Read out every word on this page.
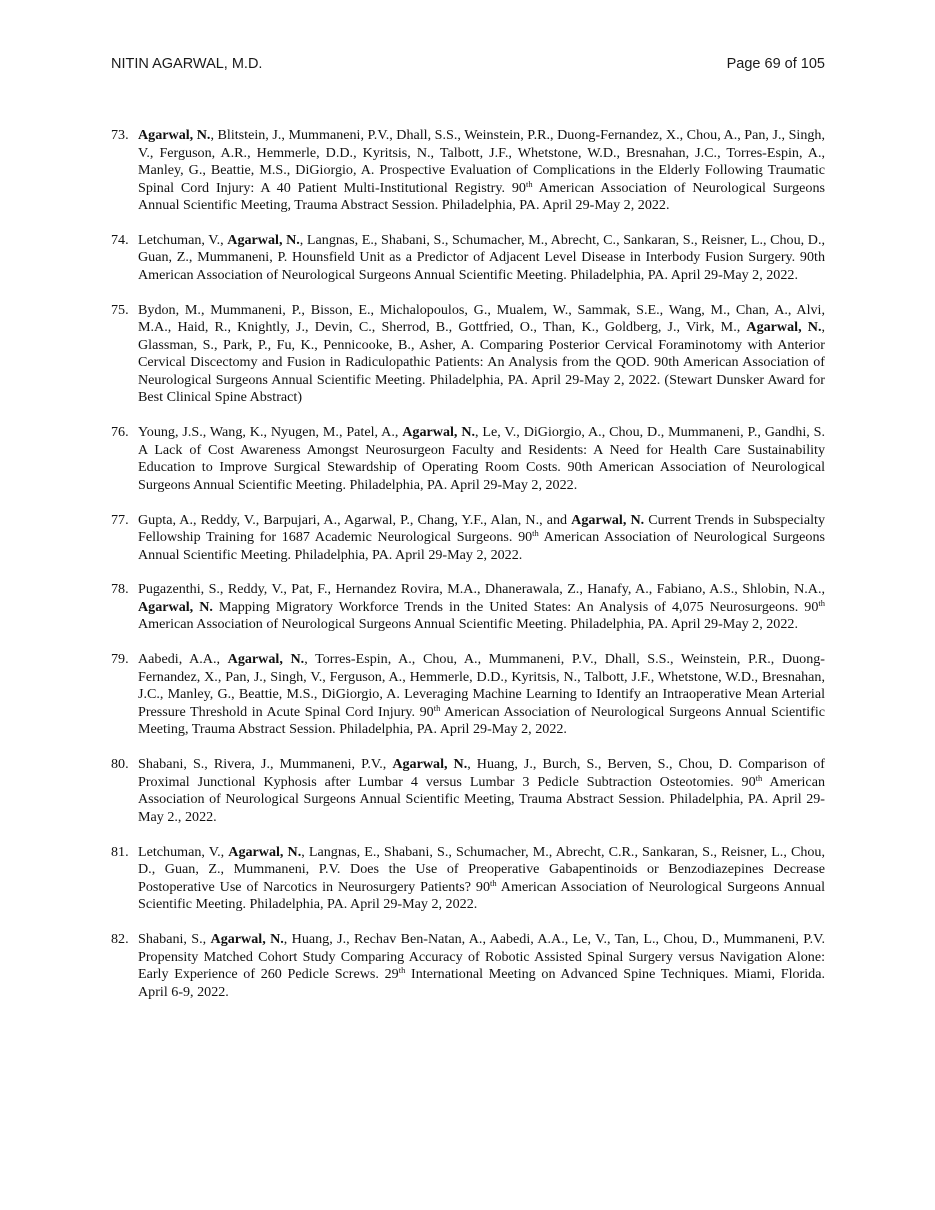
NITIN AGARWAL, M.D.	Page 69 of 105
73. Agarwal, N., Blitstein, J., Mummaneni, P.V., Dhall, S.S., Weinstein, P.R., Duong-Fernandez, X., Chou, A., Pan, J., Singh, V., Ferguson, A.R., Hemmerle, D.D., Kyritsis, N., Talbott, J.F., Whetstone, W.D., Bresnahan, J.C., Torres-Espin, A., Manley, G., Beattie, M.S., DiGiorgio, A. Prospective Evaluation of Complications in the Elderly Following Traumatic Spinal Cord Injury: A 40 Patient Multi-Institutional Registry. 90th American Association of Neurological Surgeons Annual Scientific Meeting, Trauma Abstract Session. Philadelphia, PA. April 29-May 2, 2022.
74. Letchuman, V., Agarwal, N., Langnas, E., Shabani, S., Schumacher, M., Abrecht, C., Sankaran, S., Reisner, L., Chou, D., Guan, Z., Mummaneni, P. Hounsfield Unit as a Predictor of Adjacent Level Disease in Interbody Fusion Surgery. 90th American Association of Neurological Surgeons Annual Scientific Meeting. Philadelphia, PA. April 29-May 2, 2022.
75. Bydon, M., Mummaneni, P., Bisson, E., Michalopoulos, G., Mualem, W., Sammak, S.E., Wang, M., Chan, A., Alvi, M.A., Haid, R., Knightly, J., Devin, C., Sherrod, B., Gottfried, O., Than, K., Goldberg, J., Virk, M., Agarwal, N., Glassman, S., Park, P., Fu, K., Pennicooke, B., Asher, A. Comparing Posterior Cervical Foraminotomy with Anterior Cervical Discectomy and Fusion in Radiculopathic Patients: An Analysis from the QOD. 90th American Association of Neurological Surgeons Annual Scientific Meeting. Philadelphia, PA. April 29-May 2, 2022. (Stewart Dunsker Award for Best Clinical Spine Abstract)
76. Young, J.S., Wang, K., Nyugen, M., Patel, A., Agarwal, N., Le, V., DiGiorgio, A., Chou, D., Mummaneni, P., Gandhi, S. A Lack of Cost Awareness Amongst Neurosurgeon Faculty and Residents: A Need for Health Care Sustainability Education to Improve Surgical Stewardship of Operating Room Costs. 90th American Association of Neurological Surgeons Annual Scientific Meeting. Philadelphia, PA. April 29-May 2, 2022.
77. Gupta, A., Reddy, V., Barpujari, A., Agarwal, P., Chang, Y.F., Alan, N., and Agarwal, N. Current Trends in Subspecialty Fellowship Training for 1687 Academic Neurological Surgeons. 90th American Association of Neurological Surgeons Annual Scientific Meeting. Philadelphia, PA. April 29-May 2, 2022.
78. Pugazenthi, S., Reddy, V., Pat, F., Hernandez Rovira, M.A., Dhanerawala, Z., Hanafy, A., Fabiano, A.S., Shlobin, N.A., Agarwal, N. Mapping Migratory Workforce Trends in the United States: An Analysis of 4,075 Neurosurgeons. 90th American Association of Neurological Surgeons Annual Scientific Meeting. Philadelphia, PA. April 29-May 2, 2022.
79. Aabedi, A.A., Agarwal, N., Torres-Espin, A., Chou, A., Mummaneni, P.V., Dhall, S.S., Weinstein, P.R., Duong-Fernandez, X., Pan, J., Singh, V., Ferguson, A., Hemmerle, D.D., Kyritsis, N., Talbott, J.F., Whetstone, W.D., Bresnahan, J.C., Manley, G., Beattie, M.S., DiGiorgio, A. Leveraging Machine Learning to Identify an Intraoperative Mean Arterial Pressure Threshold in Acute Spinal Cord Injury. 90th American Association of Neurological Surgeons Annual Scientific Meeting, Trauma Abstract Session. Philadelphia, PA. April 29-May 2, 2022.
80. Shabani, S., Rivera, J., Mummaneni, P.V., Agarwal, N., Huang, J., Burch, S., Berven, S., Chou, D. Comparison of Proximal Junctional Kyphosis after Lumbar 4 versus Lumbar 3 Pedicle Subtraction Osteotomies. 90th American Association of Neurological Surgeons Annual Scientific Meeting, Trauma Abstract Session. Philadelphia, PA. April 29-May 2., 2022.
81. Letchuman, V., Agarwal, N., Langnas, E., Shabani, S., Schumacher, M., Abrecht, C.R., Sankaran, S., Reisner, L., Chou, D., Guan, Z., Mummaneni, P.V. Does the Use of Preoperative Gabapentinoids or Benzodiazepines Decrease Postoperative Use of Narcotics in Neurosurgery Patients? 90th American Association of Neurological Surgeons Annual Scientific Meeting. Philadelphia, PA. April 29-May 2, 2022.
82. Shabani, S., Agarwal, N., Huang, J., Rechav Ben-Natan, A., Aabedi, A.A., Le, V., Tan, L., Chou, D., Mummaneni, P.V. Propensity Matched Cohort Study Comparing Accuracy of Robotic Assisted Spinal Surgery versus Navigation Alone: Early Experience of 260 Pedicle Screws. 29th International Meeting on Advanced Spine Techniques. Miami, Florida. April 6-9, 2022.
